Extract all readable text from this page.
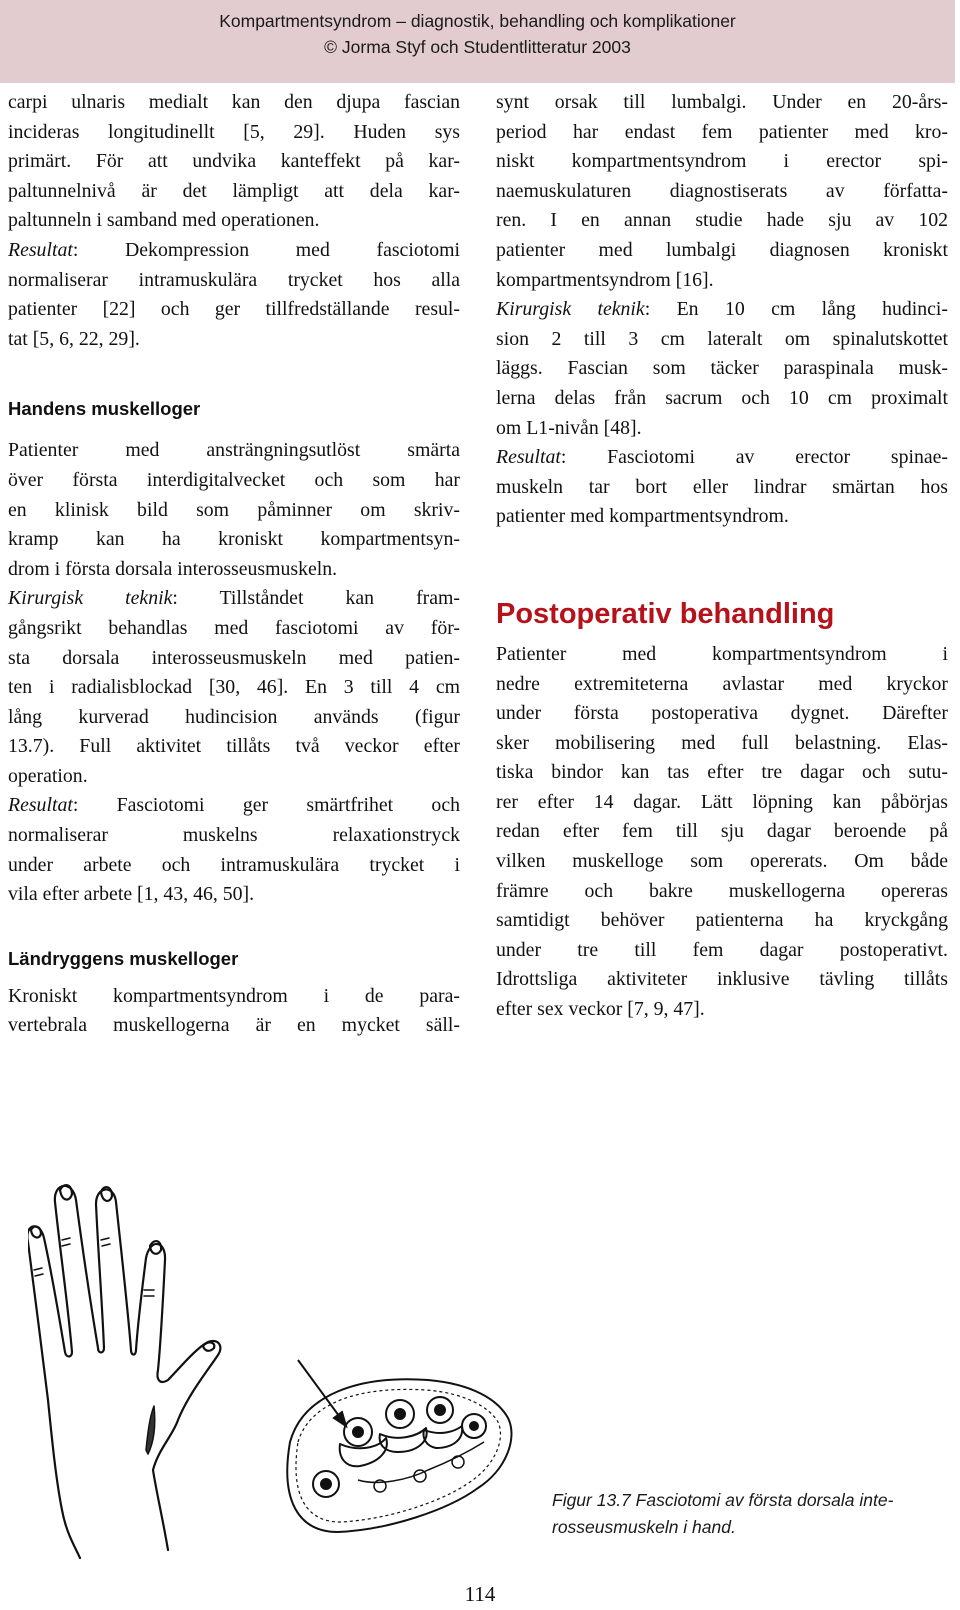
Kompartmentsyndrom – diagnostik, behandling och komplikationer
© Jorma Styf och Studentlitteratur 2003

carpi ulnaris medialt kan den djupa fascian
incideras longitudinellt [5, 29]. Huden sys
primärt. För att undvika kanteffekt på kar-
paltunnelnivå är det lämpligt att dela kar-
paltunneln i samband med operationen.

Resultat: Dekompression med fasciotomi
normaliserar intramuskulära trycket hos alla
patienter [22] och ger tillfredställande resul-
tat [5, 6, 22, 29].

Handens muskelloger

Patienter med ansträngningsutlöst smärta
över första interdigitalvecket och som har
en klinisk bild som påminner om skriv-
kramp kan ha kroniskt kompartmentsyn-
drom i första dorsala interosseusmuskeln.

Kirurgisk teknik: Tillståndet kan fram-
gångsrikt behandlas med fasciotomi av för-
sta dorsala interosseusmuskeln med patien-
ten i radialisblockad [30, 46]. En 3 till 4 cm
lång kurverad hudincision används (figur
13.7). Full aktivitet tillåts två veckor efter
operation.

Resultat: Fasciotomi ger smärtfrihet och
normaliserar muskelns relaxationstryck
under arbete och intramuskulära trycket i
vila efter arbete [1, 43, 46, 50].

Ländryggens muskelloger

Kroniskt kompartmentsyndrom i de para-
vertebrala muskellogerna är en mycket säll-

synt orsak till lumbalgi. Under en 20-års-
period har endast fem patienter med kro-
niskt kompartmentsyndrom i erector spi-
naemuskulaturen diagnostiserats av författa-
ren. I en annan studie hade sju av 102
patienter med lumbalgi diagnosen kroniskt
kompartmentsyndrom [16].

Kirurgisk teknik: En 10 cm lång hudinci-
sion 2 till 3 cm lateralt om spinalutskottet
läggs. Fascian som täcker paraspinala musk-
lerna delas från sacrum och 10 cm proximalt
om L1-nivån [48].

Resultat: Fasciotomi av erector spinae-
muskeln tar bort eller lindrar smärtan hos
patienter med kompartmentsyndrom.

Postoperativ behandling

Patienter med kompartmentsyndrom i
nedre extremiteterna avlastar med kryckor
under första postoperativa dygnet. Därefter
sker mobilisering med full belastning. Elas-
tiska bindor kan tas efter tre dagar och sutu-
rer efter 14 dagar. Lätt löpning kan påbörjas
redan efter fem till sju dagar beroende på
vilken muskelloge som opererats. Om både
främre och bakre muskellogerna opereras
samtidigt behöver patienterna ha kryckgång
under tre till fem dagar postoperativt.
Idrottsliga aktiviteter inklusive tävling tillåts
efter sex veckor [7, 9, 47].

Figur 13.7 Fasciotomi av första dorsala inte-
rosseusmuskeln i hand.
114
